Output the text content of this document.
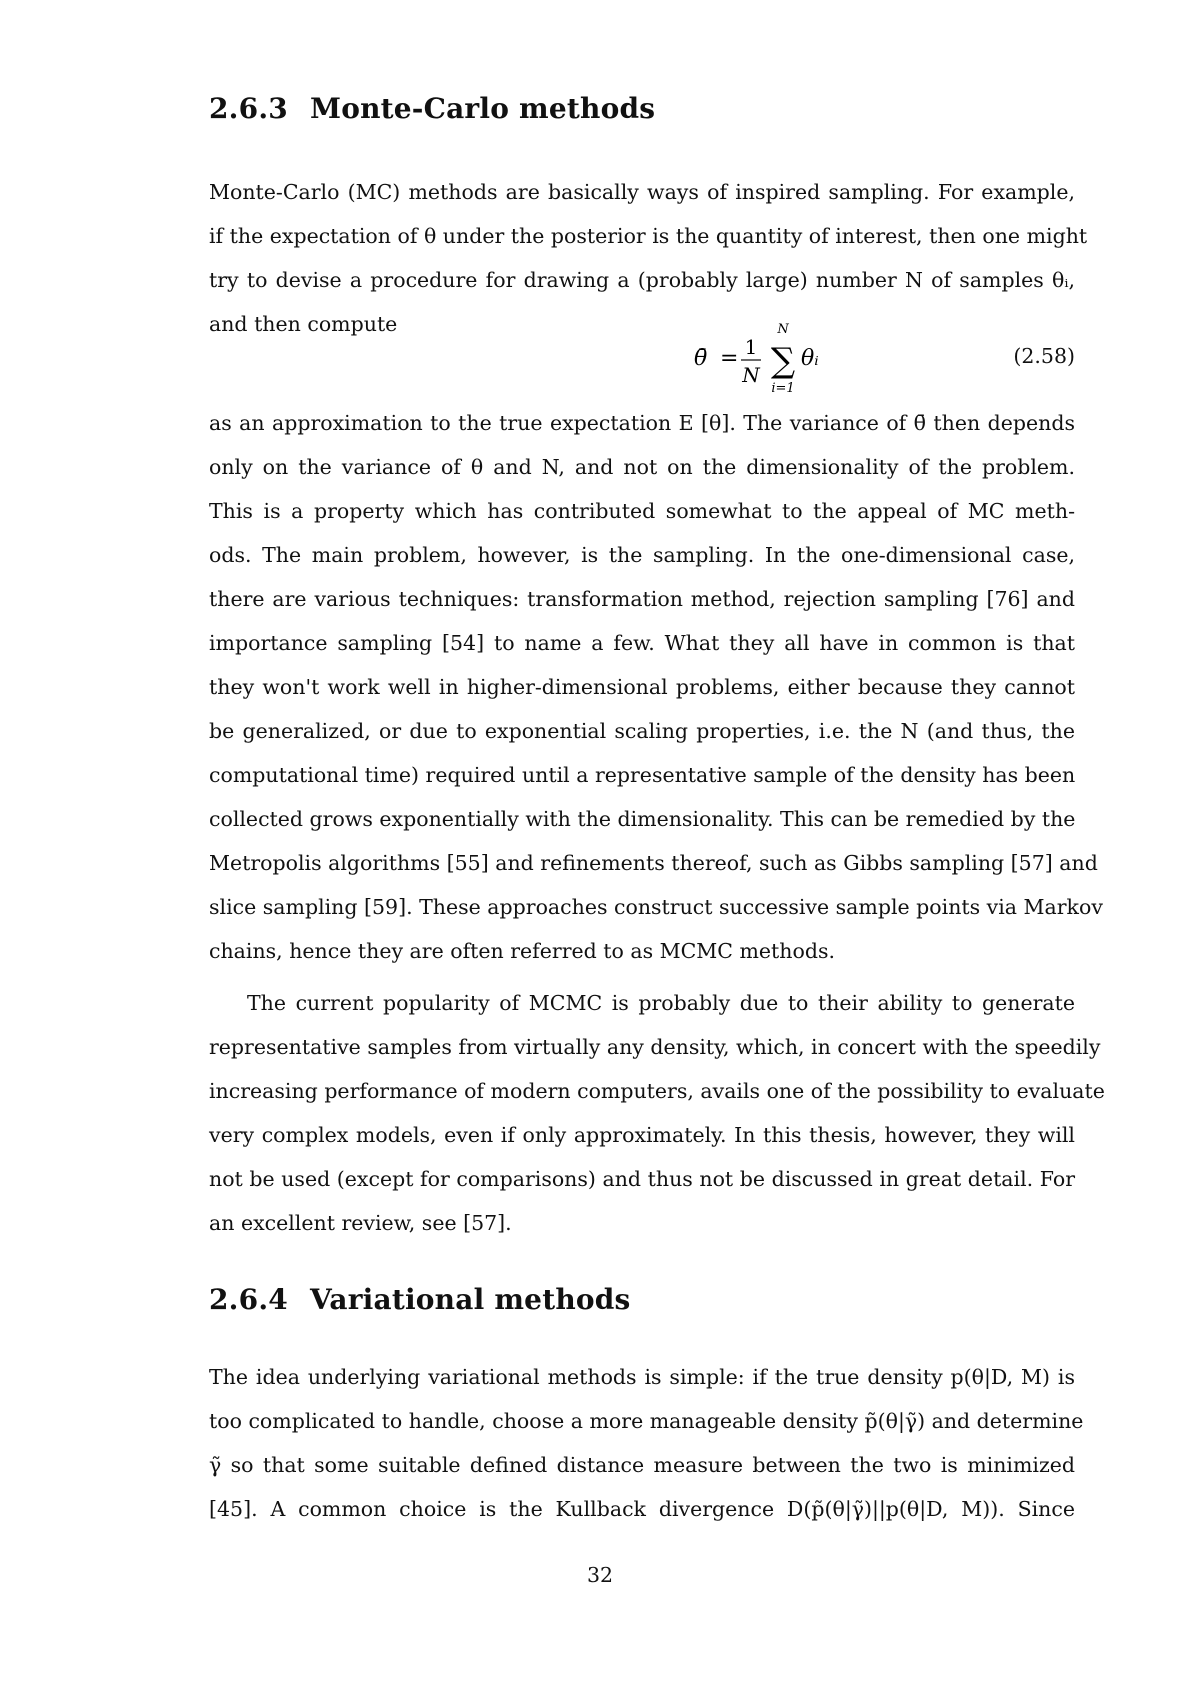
2.6.3 Monte-Carlo methods
Monte-Carlo (MC) methods are basically ways of inspired sampling. For example,
if the expectation of θ under the posterior is the quantity of interest, then one might
try to devise a procedure for drawing a (probably large) number N of samples θᵢ,
and then compute
θ̄ = 1
N
N
∑
i=1
θᵢ	(2.58)
as an approximation to the true expectation E [θ]. The variance of θ̄ then depends
only on the variance of θ and N, and not on the dimensionality of the problem.
This is a property which has contributed somewhat to the appeal of MC meth-
ods. The main problem, however, is the sampling. In the one-dimensional case,
there are various techniques: transformation method, rejection sampling [76] and
importance sampling [54] to name a few. What they all have in common is that
they won't work well in higher-dimensional problems, either because they cannot
be generalized, or due to exponential scaling properties, i.e. the N (and thus, the
computational time) required until a representative sample of the density has been
collected grows exponentially with the dimensionality. This can be remedied by the
Metropolis algorithms [55] and refinements thereof, such as Gibbs sampling [57] and
slice sampling [59]. These approaches construct successive sample points via Markov
chains, hence they are often referred to as MCMC methods.
The current popularity of MCMC is probably due to their ability to generate
representative samples from virtually any density, which, in concert with the speedily
increasing performance of modern computers, avails one of the possibility to evaluate
very complex models, even if only approximately. In this thesis, however, they will
not be used (except for comparisons) and thus not be discussed in great detail. For
an excellent review, see [57].
2.6.4 Variational methods
The idea underlying variational methods is simple: if the true density p(θ|D, M) is
too complicated to handle, choose a more manageable density p̃(θ|γ̃) and determine
γ̃ so that some suitable defined distance measure between the two is minimized
[45]. A common choice is the Kullback divergence D(p̃(θ|γ̃)||p(θ|D, M)). Since
32
